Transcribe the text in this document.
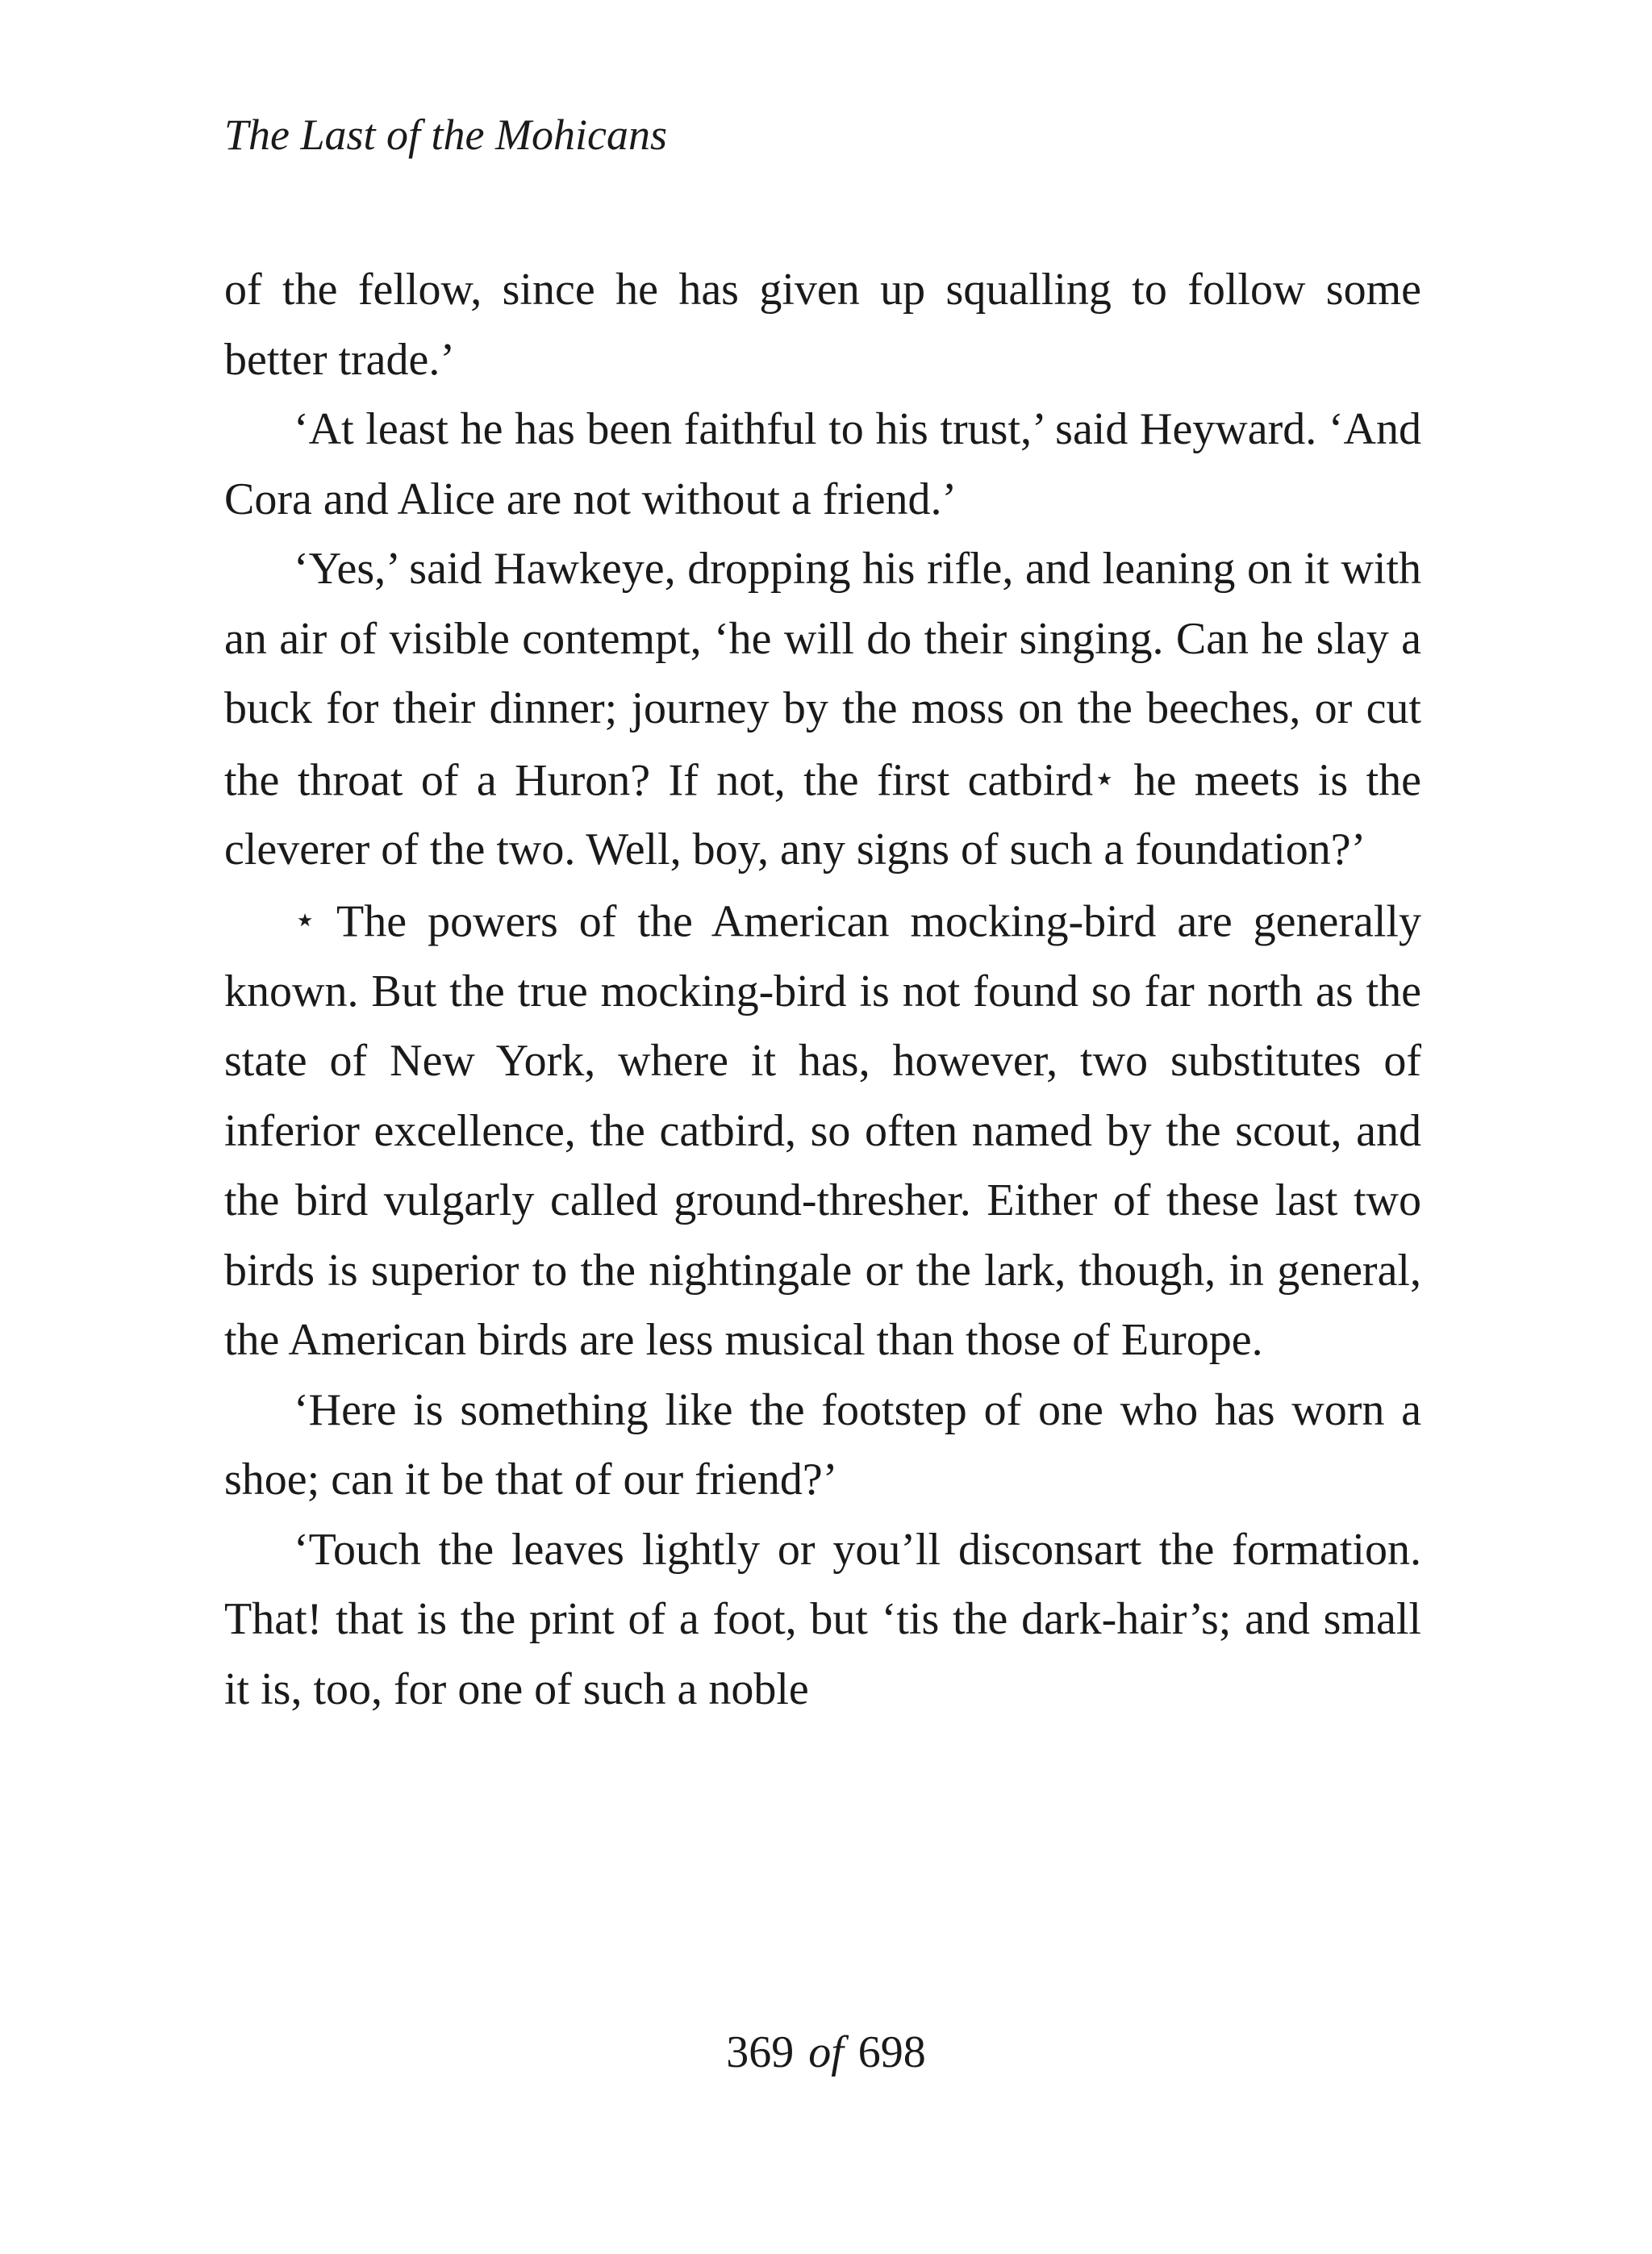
The Last of the Mohicans

of the fellow, since he has given up squalling to follow some better trade.’

‘At least he has been faithful to his trust,’ said Heyward. ‘And Cora and Alice are not without a friend.’

‘Yes,’ said Hawkeye, dropping his rifle, and leaning on it with an air of visible contempt, ‘he will do their singing. Can he slay a buck for their dinner; journey by the moss on the beeches, or cut the throat of a Huron? If not, the first catbird⋆ he meets is the cleverer of the two. Well, boy, any signs of such a foundation?’

⋆ The powers of the American mocking-bird are generally known. But the true mocking-bird is not found so far north as the state of New York, where it has, however, two substitutes of inferior excellence, the catbird, so often named by the scout, and the bird vulgarly called ground-thresher. Either of these last two birds is superior to the nightingale or the lark, though, in general, the American birds are less musical than those of Europe.

‘Here is something like the footstep of one who has worn a shoe; can it be that of our friend?’

‘Touch the leaves lightly or you’ll disconsart the formation. That! that is the print of a foot, but ‘tis the dark-hair’s; and small it is, too, for one of such a noble

369 of 698
